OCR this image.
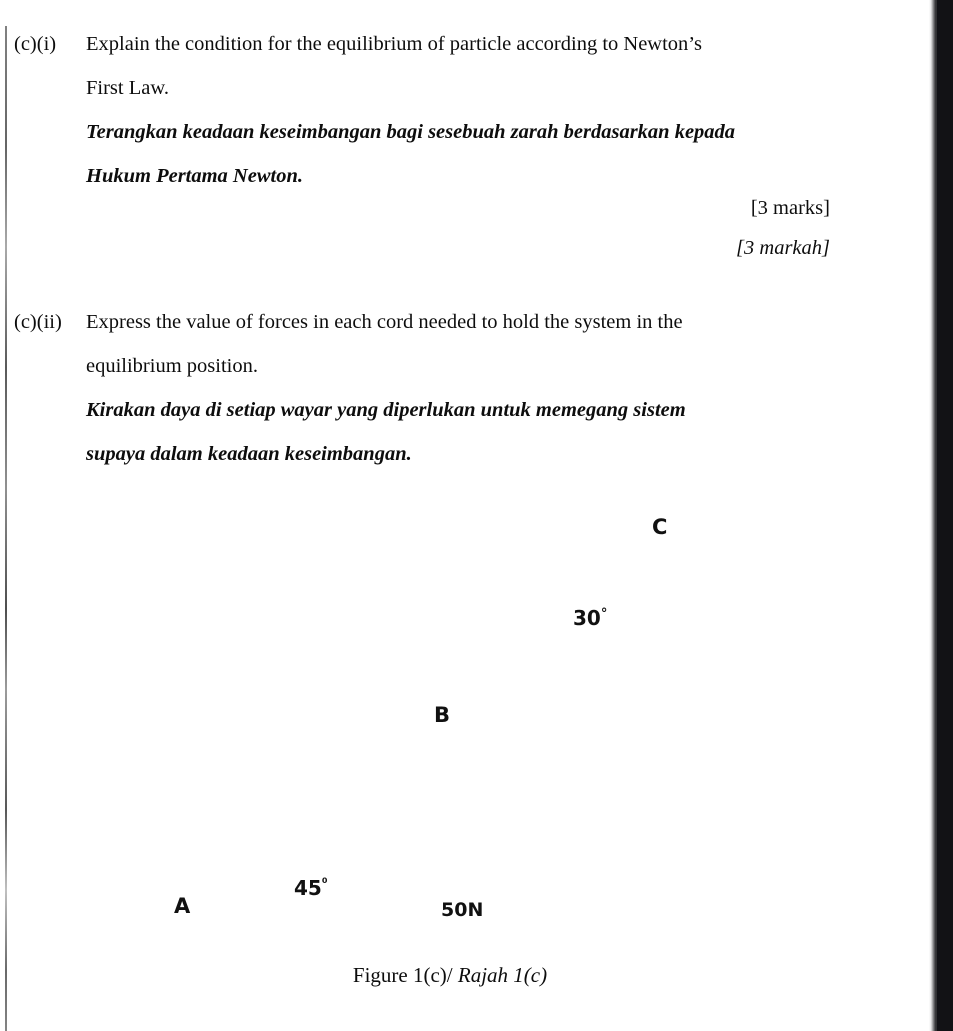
(c)(i)	Explain the condition for the equilibrium of particle according to Newton’s
First Law.
Terangkan keadaan keseimbangan bagi sesebuah zarah berdasarkan kepada
Hukum Pertama Newton.
[3 marks]
[3 markah]
(c)(ii)	Express the value of forces in each cord needed to hold the system in the
equilibrium position.
Kirakan daya di setiap wayar yang diperlukan untuk memegang sistem
supaya dalam keadaan keseimbangan.
A
B
C
$45^{^0}$
30°
50N
Figure 1(c)/ Rajah 1(c)
